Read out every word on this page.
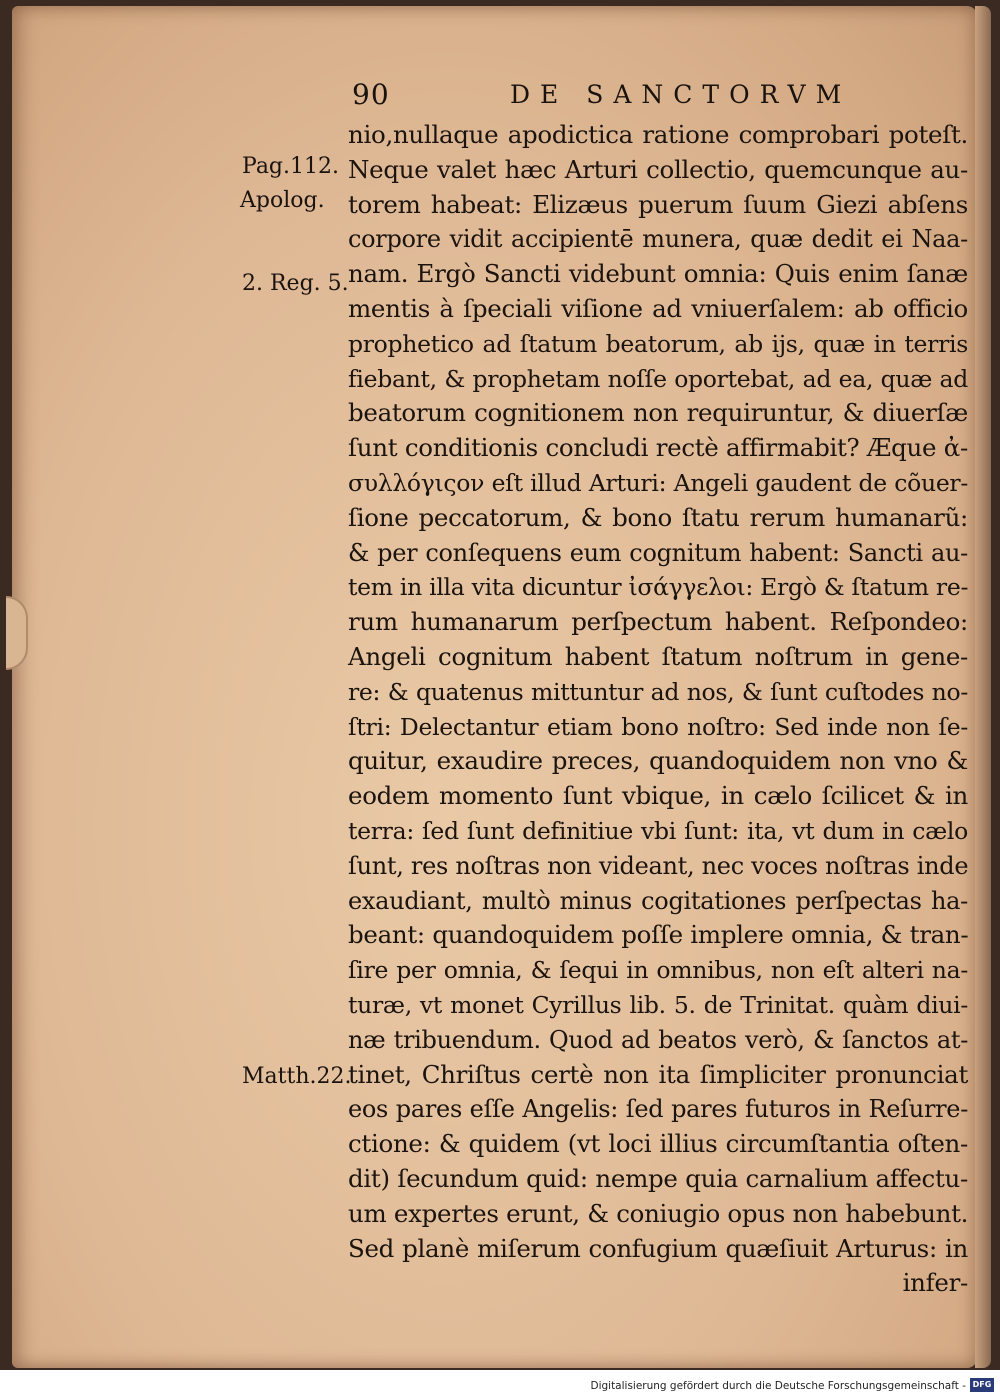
90	DE SANCTORVM
Pag.112.
Apolog.
2. Reg. 5.
Matth.22.
nio,nullaque apodictica ratione comprobari poteſt.
Neque valet hæc Arturi collectio, quemcunque au-
torem habeat: Elizæus puerum ſuum Giezi abſens
corpore vidit accipientē munera, quæ dedit ei Naa-
nam. Ergò Sancti videbunt omnia: Quis enim ſanæ
mentis à ſpeciali viſione ad vniuerſalem: ab officio
prophetico ad ſtatum beatorum, ab ijs, quæ in terris
fiebant, & prophetam noſſe oportebat, ad ea, quæ ad
beatorum cognitionem non requiruntur, & diuerſæ
ſunt conditionis concludi rectè affirmabit? Æque ἀ-
συλλόγιςον eſt illud Arturi: Angeli gaudent de cõuer-
ſione peccatorum, & bono ſtatu rerum humanarũ:
& per conſequens eum cognitum habent: Sancti au-
tem in illa vita dicuntur ἰσάγγελοι: Ergò & ſtatum re-
rum humanarum perſpectum habent. Reſpondeo:
Angeli cognitum habent ſtatum noſtrum in gene-
re: & quatenus mittuntur ad nos, & ſunt cuſtodes no-
ſtri: Delectantur etiam bono noſtro: Sed inde non ſe-
quitur, exaudire preces, quandoquidem non vno &
eodem momento ſunt vbique, in cælo ſcilicet & in
terra: ſed ſunt definitiue vbi ſunt: ita, vt dum in cælo
ſunt, res noſtras non videant, nec voces noſtras inde
exaudiant, multò minus cogitationes perſpectas ha-
beant: quandoquidem poſſe implere omnia, & tran-
ſire per omnia, & ſequi in omnibus, non eſt alteri na-
turæ, vt monet Cyrillus lib. 5. de Trinitat. quàm diui-
næ tribuendum. Quod ad beatos verò, & ſanctos at-
tinet, Chriſtus certè non ita ſimpliciter pronunciat
eos pares eſſe Angelis: ſed pares futuros in Reſurre-
ctione: & quidem (vt loci illius circumſtantia oſten-
dit) ſecundum quid: nempe quia carnalium affectu-
um expertes erunt, & coniugio opus non habebunt.
Sed planè miſerum confugium quæſiuit Arturus: in
infer-
Digitalisierung gefördert durch die Deutsche Forschungsgemeinschaft - DFG
